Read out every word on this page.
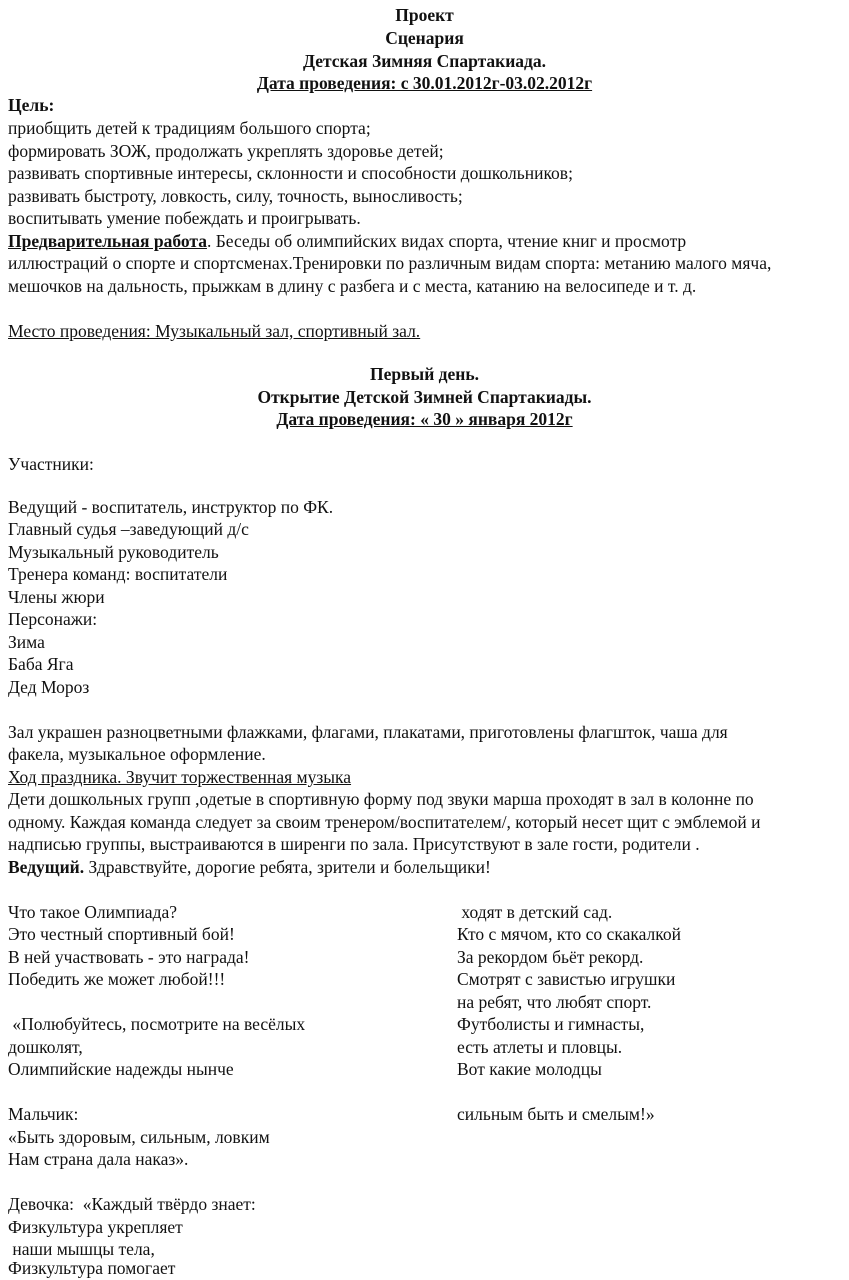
Проект
Сценария
Детская Зимняя Спартакиада.
Дата проведения: с 30.01.2012г-03.02.2012г
Цель:
приобщить детей к традициям большого спорта;
формировать ЗОЖ, продолжать укреплять здоровье детей;
развивать спортивные интересы, склонности и способности дошкольников;
развивать быстроту, ловкость, силу, точность, выносливость;
воспитывать умение побеждать и проигрывать.
Предварительная работа. Беседы об олимпийских видах спорта, чтение книг и просмотр
иллюстраций о спорте и спортсменах.Тренировки по различным видам спорта: метанию малого мяча,
мешочков на дальность, прыжкам в длину с разбега и с места, катанию на велосипеде и т. д.
Место проведения: Музыкальный зал, спортивный зал.
Первый день.
Открытие Детской Зимней Спартакиады.
Дата проведения: « 30 » января 2012г
Участники:
Ведущий - воспитатель, инструктор по ФК.
Главный судья –заведующий д/с
Музыкальный руководитель
Тренера команд: воспитатели
Члены жюри
Персонажи:
Зима
Баба Яга
Дед Мороз
Зал украшен разноцветными флажками, флагами, плакатами, приготовлены флагшток, чаша для
факела, музыкальное оформление.
Ход праздника. Звучит торжественная музыка
Дети дошкольных групп ,одетые в спортивную форму под звуки марша проходят в зал в колонне по
одному. Каждая команда следует за своим тренером/воспитателем/, который несет щит с эмблемой и
надписью группы, выстраиваются в ширенги по зала. Присутствуют в зале гости, родители .
Ведущий. Здравствуйте, дорогие ребята, зрители и болельщики!
Что такое Олимпиада?
Это честный спортивный бой!
В ней участвовать - это награда!
Победить же может любой!!!
«Полюбуйтесь, посмотрите на весёлых
дошколят,
Олимпийские надежды нынче
Мальчик:
«Быть здоровым, сильным, ловким
Нам страна дала наказ».
Девочка:  «Каждый твёрдо знает:
Физкультура укрепляет
наши мышцы тела,
Физкультура помогает
ходят в детский сад.
Кто с мячом, кто со скакалкой
За рекордом бьёт рекорд.
Смотрят с завистью игрушки
на ребят, что любят спорт.
Футболисты и гимнасты,
есть атлеты и пловцы.
Вот какие молодцы
сильным быть и смелым!»
